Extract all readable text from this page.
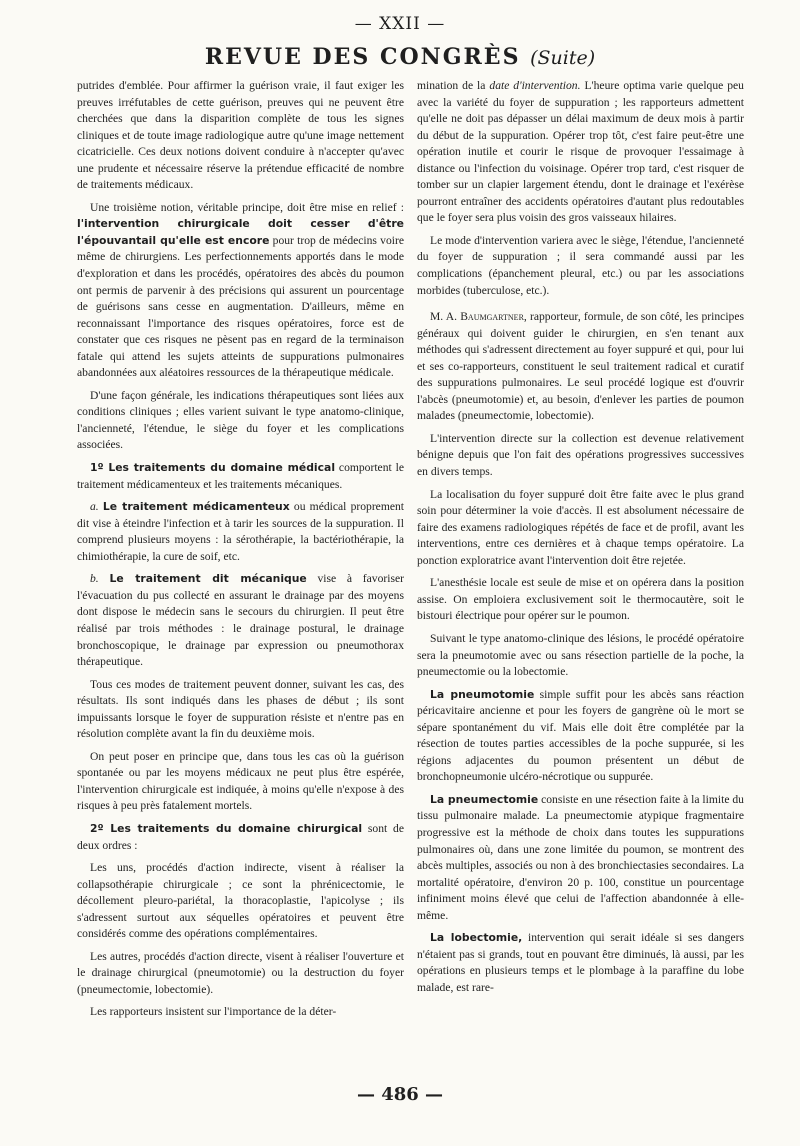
— XXII —
REVUE DES CONGRÈS (Suite)

putrides d'emblée. Pour affirmer la guérison vraie, il faut exiger les preuves irréfutables de cette guérison, preuves qui ne peuvent être cherchées que dans la disparition complète de tous les signes cliniques et de toute image radiologique autre qu'une image nettement cicatricielle. Ces deux notions doivent conduire à n'accepter qu'avec une prudente et nécessaire réserve la prétendue efficacité de nombre de traitements médicaux.

Une troisième notion, véritable principe, doit être mise en relief : l'intervention chirurgicale doit cesser d'être l'épouvantail qu'elle est encore pour trop de médecins voire même de chirurgiens. Les perfectionnements apportés dans le mode d'exploration et dans les procédés, opératoires des abcès du poumon ont permis de parvenir à des précisions qui assurent un pourcentage de guérisons sans cesse en augmentation. D'ailleurs, même en reconnaissant l'importance des risques opératoires, force est de constater que ces risques ne pèsent pas en regard de la terminaison fatale qui attend les sujets atteints de suppurations pulmonaires abandonnées aux aléatoires ressources de la thérapeutique médicale.

D'une façon générale, les indications thérapeutiques sont liées aux conditions cliniques ; elles varient suivant le type anatomo-clinique, l'ancienneté, l'étendue, le siège du foyer et les complications associées.

1º Les traitements du domaine médical comportent le traitement médicamenteux et les traitements mécaniques.

a. Le traitement médicamenteux ou médical proprement dit vise à éteindre l'infection et à tarir les sources de la suppuration. Il comprend plusieurs moyens : la sérothérapie, la bactériothérapie, la chimiothérapie, la cure de soif, etc.

b. Le traitement dit mécanique vise à favoriser l'évacuation du pus collecté en assurant le drainage par des moyens dont dispose le médecin sans le secours du chirurgien. Il peut être réalisé par trois méthodes : le drainage postural, le drainage bronchoscopique, le drainage par expression ou pneumothorax thérapeutique.

Tous ces modes de traitement peuvent donner, suivant les cas, des résultats. Ils sont indiqués dans les phases de début ; ils sont impuissants lorsque le foyer de suppuration résiste et n'entre pas en résolution complète avant la fin du deuxième mois.

On peut poser en principe que, dans tous les cas où la guérison spontanée ou par les moyens médicaux ne peut plus être espérée, l'intervention chirurgicale est indiquée, à moins qu'elle n'expose à des risques à peu près fatalement mortels.

2º Les traitements du domaine chirurgical sont de deux ordres :

Les uns, procédés d'action indirecte, visent à réaliser la collapsothérapie chirurgicale ; ce sont la phrénicectomie, le décollement pleuro-pariétal, la thoracoplastie, l'apicolyse ; ils s'adressent surtout aux séquelles opératoires et peuvent être considérés comme des opérations complémentaires.

Les autres, procédés d'action directe, visent à réaliser l'ouverture et le drainage chirurgical (pneumotomie) ou la destruction du foyer (pneumectomie, lobectomie).

Les rapporteurs insistent sur l'importance de la déter-

mination de la date d'intervention. L'heure optima varie quelque peu avec la variété du foyer de suppuration ; les rapporteurs admettent qu'elle ne doit pas dépasser un délai maximum de deux mois à partir du début de la suppuration. Opérer trop tôt, c'est faire peut-être une opération inutile et courir le risque de provoquer l'essaimage à distance ou l'infection du voisinage. Opérer trop tard, c'est risquer de tomber sur un clapier largement étendu, dont le drainage et l'exérèse pourront entraîner des accidents opératoires d'autant plus redoutables que le foyer sera plus voisin des gros vaisseaux hilaires.

Le mode d'intervention variera avec le siège, l'étendue, l'ancienneté du foyer de suppuration ; il sera commandé aussi par les complications (épanchement pleural, etc.) ou par les associations morbides (tuberculose, etc.).

M. A. Baumgartner, rapporteur, formule, de son côté, les principes généraux qui doivent guider le chirurgien, en s'en tenant aux méthodes qui s'adressent directement au foyer suppuré et qui, pour lui et ses co-rapporteurs, constituent le seul traitement radical et curatif des suppurations pulmonaires. Le seul procédé logique est d'ouvrir l'abcès (pneumotomie) et, au besoin, d'enlever les parties de poumon malades (pneumectomie, lobectomie).

L'intervention directe sur la collection est devenue relativement bénigne depuis que l'on fait des opérations progressives successives en divers temps.

La localisation du foyer suppuré doit être faite avec le plus grand soin pour déterminer la voie d'accès. Il est absolument nécessaire de faire des examens radiologiques répétés de face et de profil, avant les interventions, entre ces dernières et à chaque temps opératoire. La ponction exploratrice avant l'intervention doit être rejetée.

L'anesthésie locale est seule de mise et on opérera dans la position assise. On emploiera exclusivement soit le thermocautère, soit le bistouri électrique pour opérer sur le poumon.

Suivant le type anatomo-clinique des lésions, le procédé opératoire sera la pneumotomie avec ou sans résection partielle de la poche, la pneumectomie ou la lobectomie.

La pneumotomie simple suffit pour les abcès sans réaction péricavitaire ancienne et pour les foyers de gangrène où le mort se sépare spontanément du vif. Mais elle doit être complétée par la résection de toutes parties accessibles de la poche suppurée, si les régions adjacentes du poumon présentent un début de bronchopneumonie ulcéro-nécrotique ou suppurée.

La pneumectomie consiste en une résection faite à la limite du tissu pulmonaire malade. La pneumectomie atypique fragmentaire progressive est la méthode de choix dans toutes les suppurations pulmonaires où, dans une zone limitée du poumon, se montrent des abcès multiples, associés ou non à des bronchiectasies secondaires. La mortalité opératoire, d'environ 20 p. 100, constitue un pourcentage infiniment moins élevé que celui de l'affection abandonnée à elle-même.

La lobectomie, intervention qui serait idéale si ses dangers n'étaient pas si grands, tout en pouvant être diminués, là aussi, par les opérations en plusieurs temps et le plombage à la paraffine du lobe malade, est rare-

— 486 —
